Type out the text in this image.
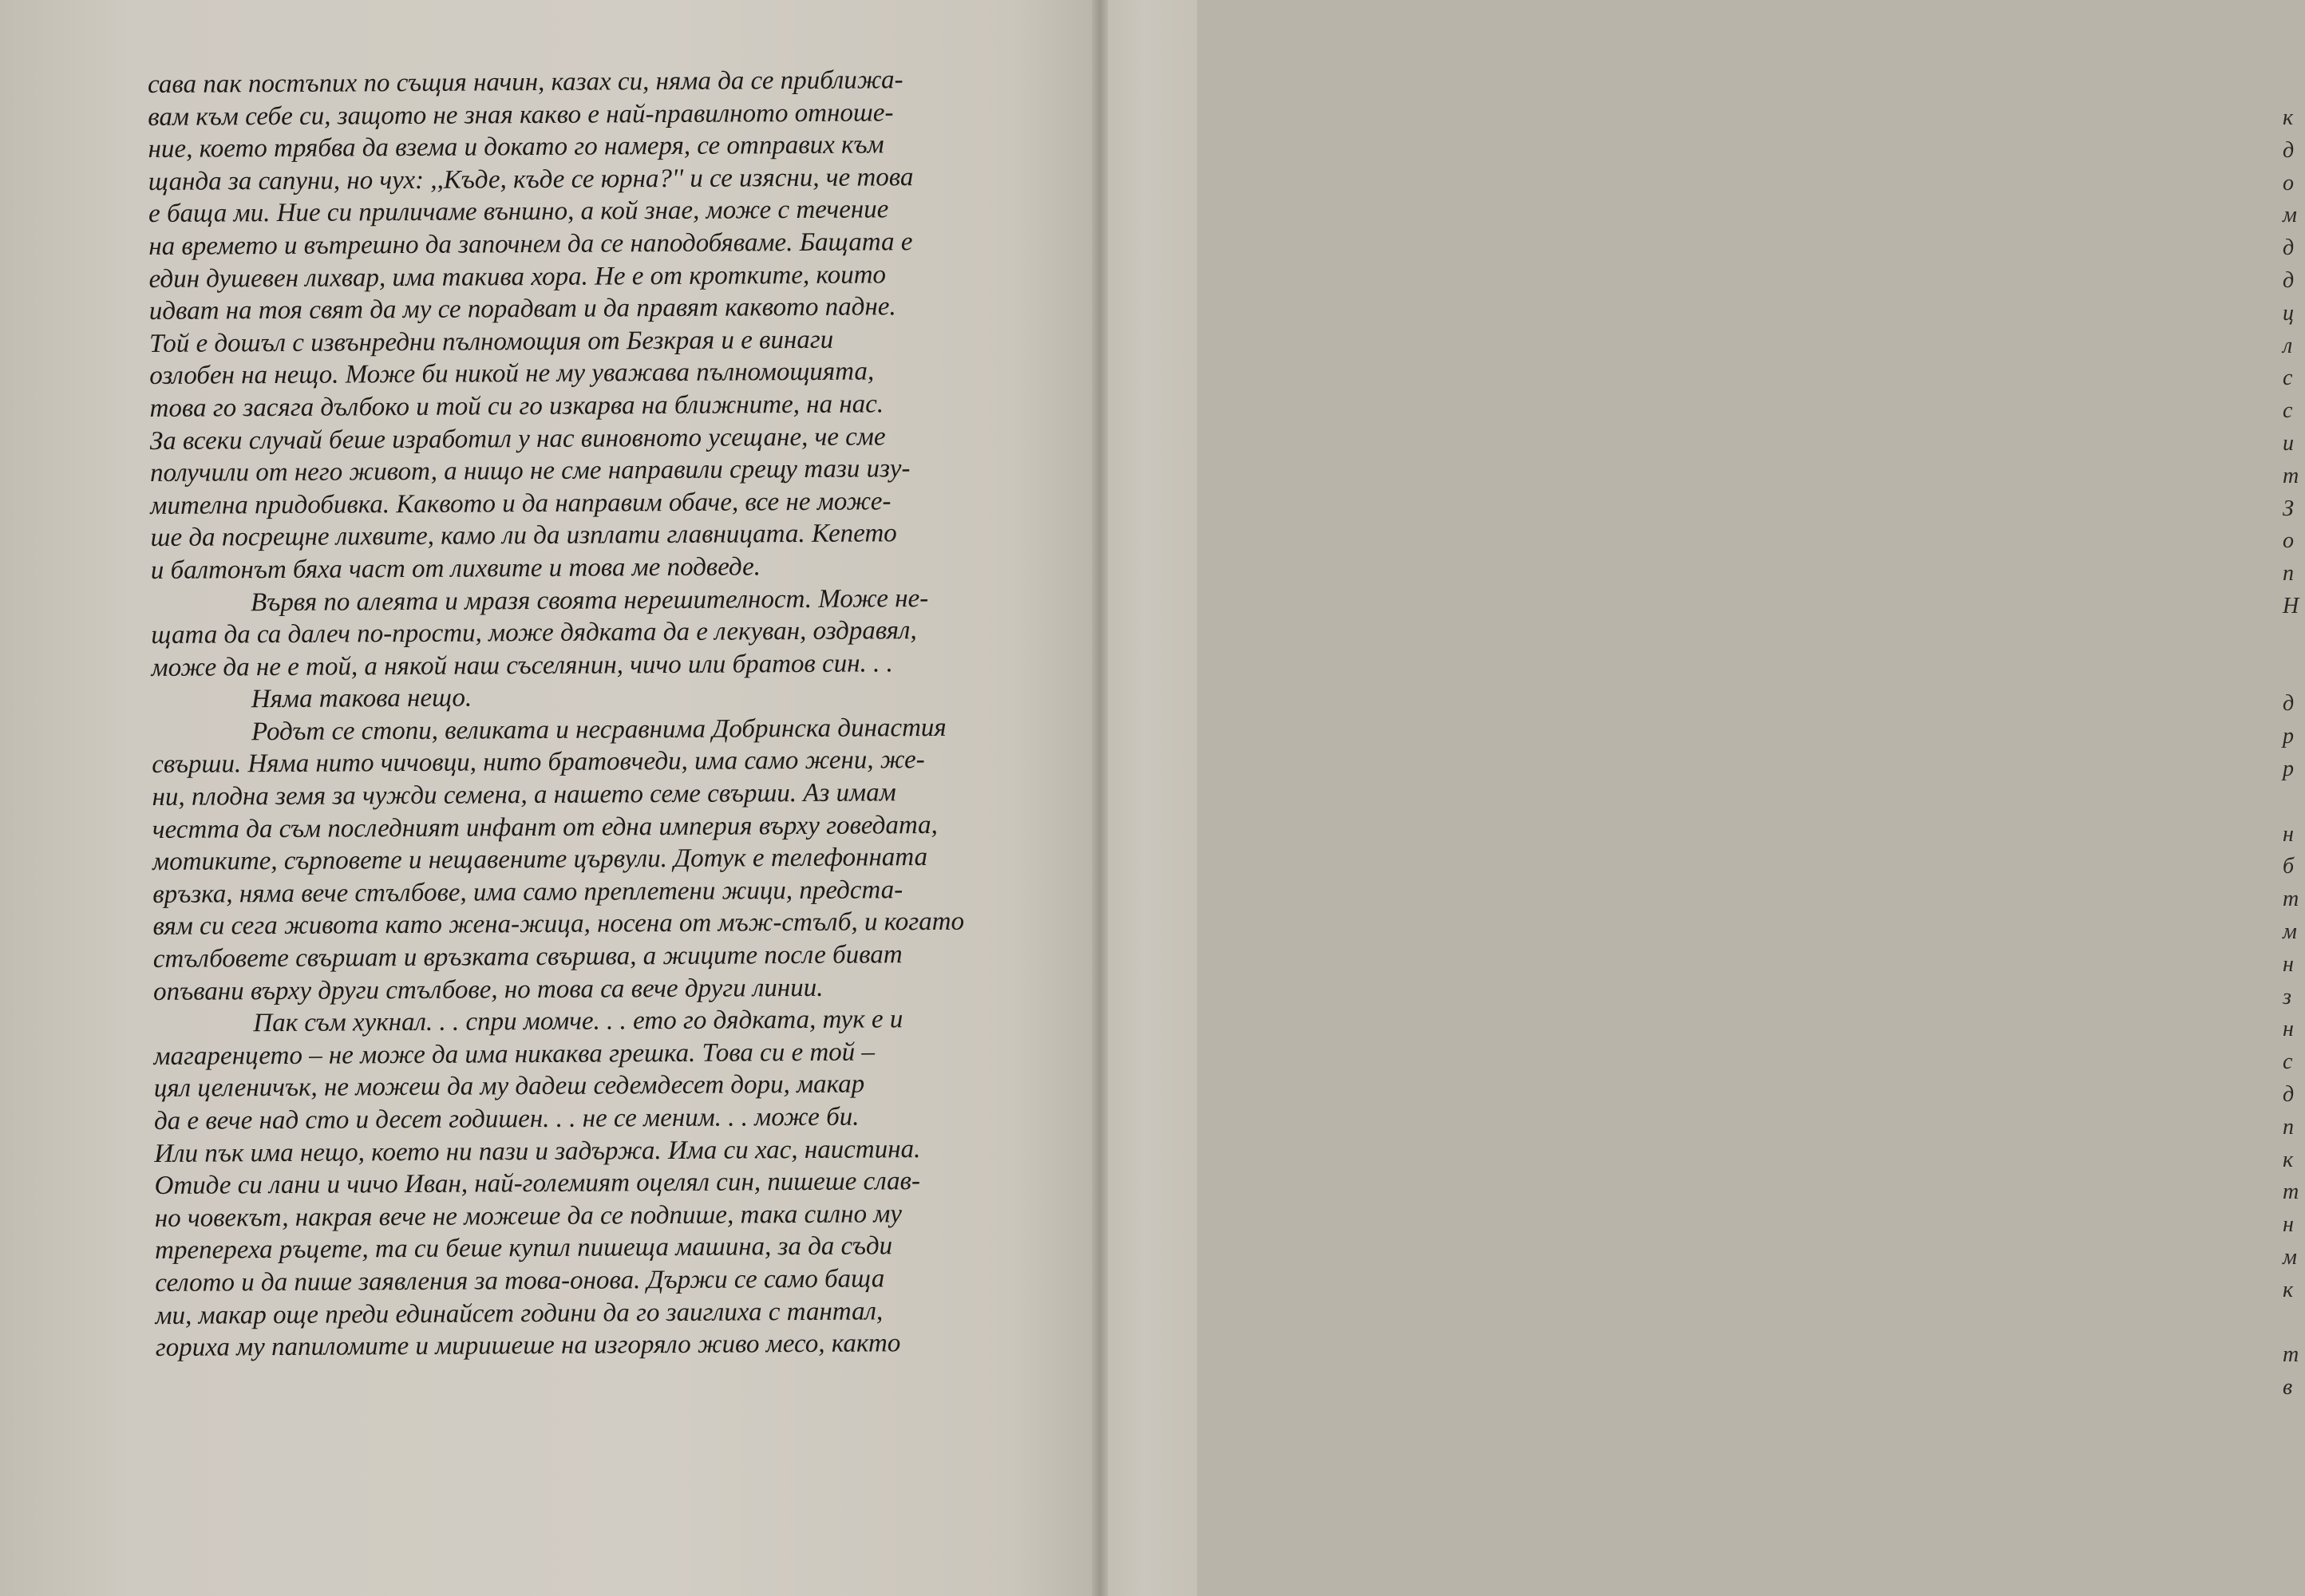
сава пак постъпих по същия начин, казах си, няма да се приближа-
вам към себе си, защото не зная какво е най-правилното отноше-
ние, което трябва да взема и докато го намеря, се отправих към
щанда за сапуни, но чух: ,,Къде, къде се юрна?'' и се изясни, че това
е баща ми. Ние си приличаме външно, а кой знае, може с течение
на времето и вътрешно да започнем да се наподобяваме. Бащата е
един душевен лихвар, има такива хора. Не е от кротките, които
идват на тоя свят да му се порадват и да правят каквото падне.
Той е дошъл с извънредни пълномощия от Безкрая и е винаги
озлобен на нещо. Може би никой не му уважава пълномощията,
това го засяга дълбоко и той си го изкарва на ближните, на нас.
За всеки случай беше изработил у нас виновното усещане, че сме
получили от него живот, а нищо не сме направили срещу тази изу-
мителна придобивка. Каквото и да направим обаче, все не може-
ше да посрещне лихвите, камо ли да изплати главницата. Кепето
и балтонът бяха част от лихвите и това ме подведе.
Вървя по алеята и мразя своята нерешителност. Може не-
щата да са далеч по-прости, може дядката да е лекуван, оздравял,
може да не е той, а някой наш съселянин, чичо или братов син. . .
Няма такова нещо.
Родът се стопи, великата и несравнима Добринска династия
свърши. Няма нито чичовци, нито братовчеди, има само жени, же-
ни, плодна земя за чужди семена, а нашето семе свърши. Аз имам
честта да съм последният инфант от една империя върху говедата,
мотиките, сърповете и нещавените цървули. Дотук е телефонната
връзка, няма вече стълбове, има само преплетени жици, предста-
вям си сега живота като жена-жица, носена от мъж-стълб, и когато
стълбовете свършат и връзката свършва, а жиците после биват
опъвани върху други стълбове, но това са вече други линии.
Пак съм хукнал. . . спри момче. . . ето го дядката, тук е и
магаренцето – не може да има никаква грешка. Това си е той –
цял целеничък, не можеш да му дадеш седемдесет дори, макар
да е вече над сто и десет годишен. . . не се меним. . . може би.
Или пък има нещо, което ни пази и задържа. Има си хас, наистина.
Отиде си лани и чичо Иван, най-големият оцелял син, пишеше слав-
но човекът, накрая вече не можеше да се подпише, така силно му
трепереха ръцете, та си беше купил пишеща машина, за да съди
селото и да пише заявления за това-онова. Държи се само баща
ми, макар още преди единайсет години да го заиглиха с тантал,
гориха му папиломите и миришеше на изгоряло живо месо, както
к
д
о
м
д
д
ц
л
с
с
и
т
З
о
п
Н
д
р
р
н
б
т
м
н
з
н
с
д
п
к
т
н
м
к
т
в
